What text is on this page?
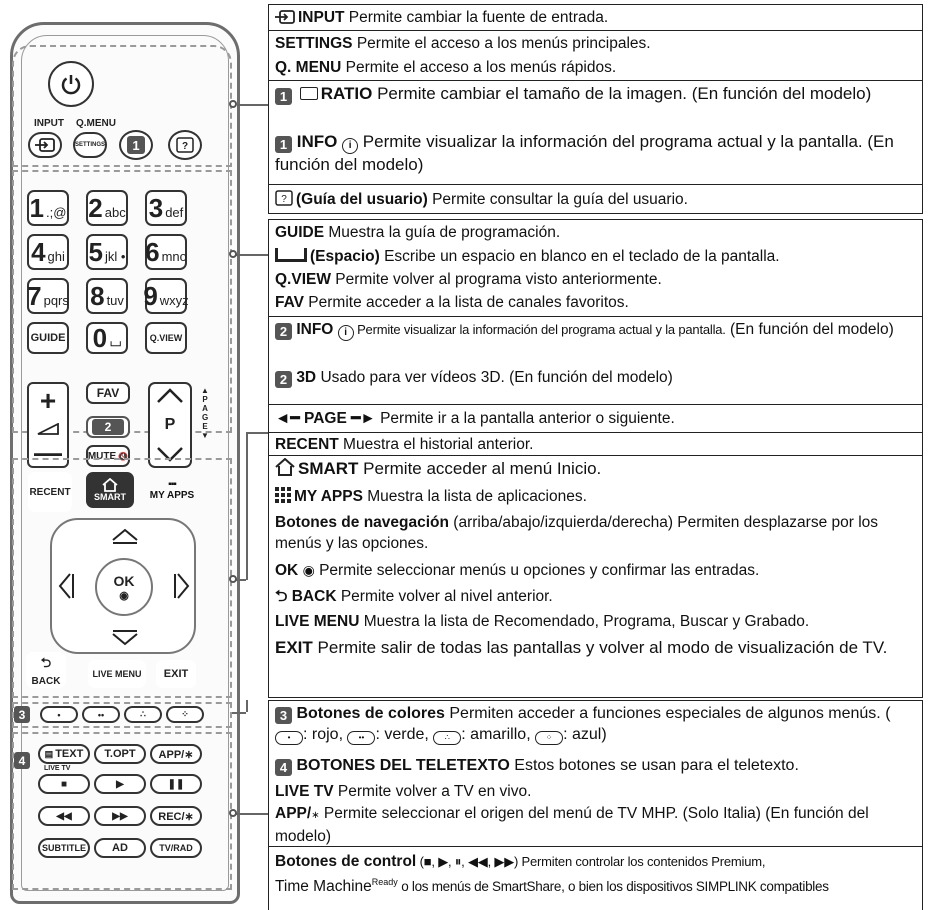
INPUT Q.MENU
SETTINGS	1	?
GUIDE 0 ⌴	Q.VIEW
+
—
FAV
2
MUTE 🔇
P
▲
PAGE
▼
RECENT	SMART
▪▪▪
MY APPS
OK
◉
⮌
BACK
LIVE MENU	EXIT
3	•	••	∴	⁘
4	▤ TEXT
LIVE TV
T.OPT	APP/∗
■	▶	❚❚
◀◀	▶▶	REC/∗
SUBTITLE	AD	TV/RAD
INPUT Permite cambiar la fuente de entrada.
SETTINGS Permite el acceso a los menús principales.
Q. MENU Permite el acceso a los menús rápidos.
1 RATIO Permite cambiar el tamaño de la imagen. (En función del modelo)
1 INFO i Permite visualizar la información del programa actual y la pantalla. (En función del modelo)
? (Guía del usuario) Permite consultar la guía del usuario.
GUIDE Muestra la guía de programación.
(Espacio) Escribe un espacio en blanco en el teclado de la pantalla.
Q.VIEW Permite volver al programa visto anteriormente.
FAV Permite acceder a la lista de canales favoritos.
2 INFO i Permite visualizar la información del programa actual y la pantalla. (En función del modelo)
2 3D Usado para ver vídeos 3D. (En función del modelo)
◄━ PAGE ━► Permite ir a la pantalla anterior o siguiente.
RECENT Muestra el historial anterior.
SMART Permite acceder al menú Inicio.
MY APPS Muestra la lista de aplicaciones.
Botones de navegación (arriba/abajo/izquierda/derecha) Permiten desplazarse por los menús y las opciones.
OK ◉ Permite seleccionar menús u opciones y confirmar las entradas.
⮌ BACK Permite volver al nivel anterior.
LIVE MENU Muestra la lista de Recomendado, Programa, Buscar y Grabado.
EXIT Permite salir de todas las pantallas y volver al modo de visualización de TV.
3 Botones de colores Permiten acceder a funciones especiales de algunos menús. (• : rojo, •• : verde, ∴ : amarillo, ⁘ : azul)
4 BOTONES DEL TELETEXTO Estos botones se usan para el teletexto.
LIVE TV Permite volver a TV en vivo.
APP/∗ Permite seleccionar el origen del menú de TV MHP. (Solo Italia) (En función del modelo)
Botones de control (■, ▶, ⏸, ◀◀, ▶▶) Permiten controlar los contenidos Premium,
Time Machine$^{Ready}$ o los menús de SmartShare, o bien los dispositivos SIMPLINK compatibles
1 .;@ 2 abc 3 def
4 ghi 5 jkl • 6 mno
7 pqrs 8 tuv 9 wxyz
